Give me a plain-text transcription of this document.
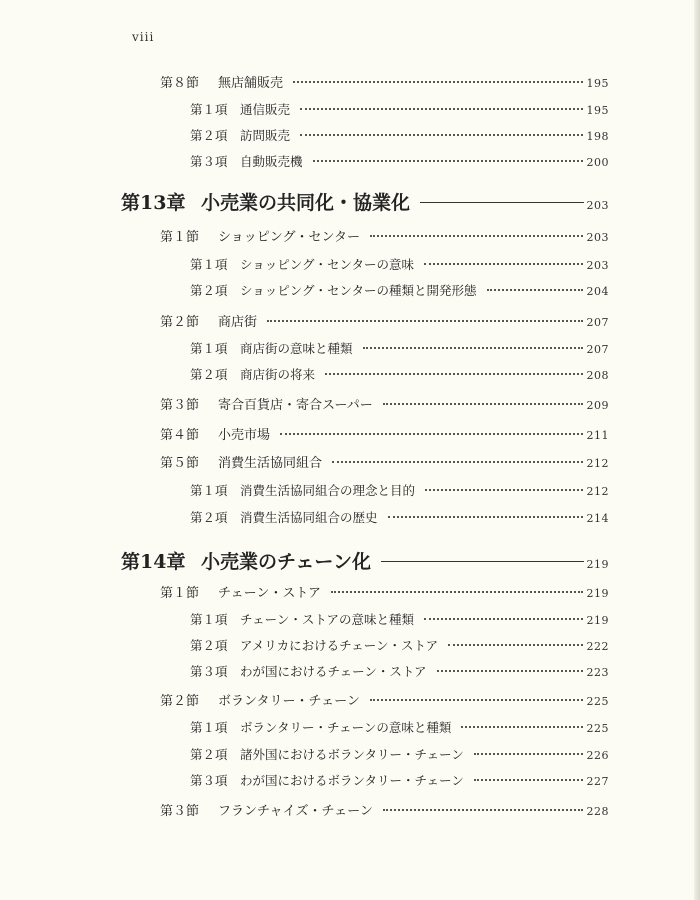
viii
第８節	無店舗販売	195
第１項 通信販売	195
第２項 訪問販売	198
第３項 自動販売機	200
第13章 小売業の共同化・協業化	203
第１節	ショッピング・センター	203
第１項 ショッピング・センターの意味	203
第２項 ショッピング・センターの種類と開発形態	204
第２節	商店街	207
第１項 商店街の意味と種類	207
第２項 商店街の将来	208
第３節	寄合百貨店・寄合スーパー	209
第４節	小売市場	211
第５節	消費生活協同組合	212
第１項 消費生活協同組合の理念と目的	212
第２項 消費生活協同組合の歴史	214
第14章 小売業のチェーン化	219
第１節	チェーン・ストア	219
第１項 チェーン・ストアの意味と種類	219
第２項 アメリカにおけるチェーン・ストア	222
第３項 わが国におけるチェーン・ストア	223
第２節	ボランタリー・チェーン	225
第１項 ボランタリー・チェーンの意味と種類	225
第２項 諸外国におけるボランタリー・チェーン	226
第３項 わが国におけるボランタリー・チェーン	227
第３節	フランチャイズ・チェーン	228
